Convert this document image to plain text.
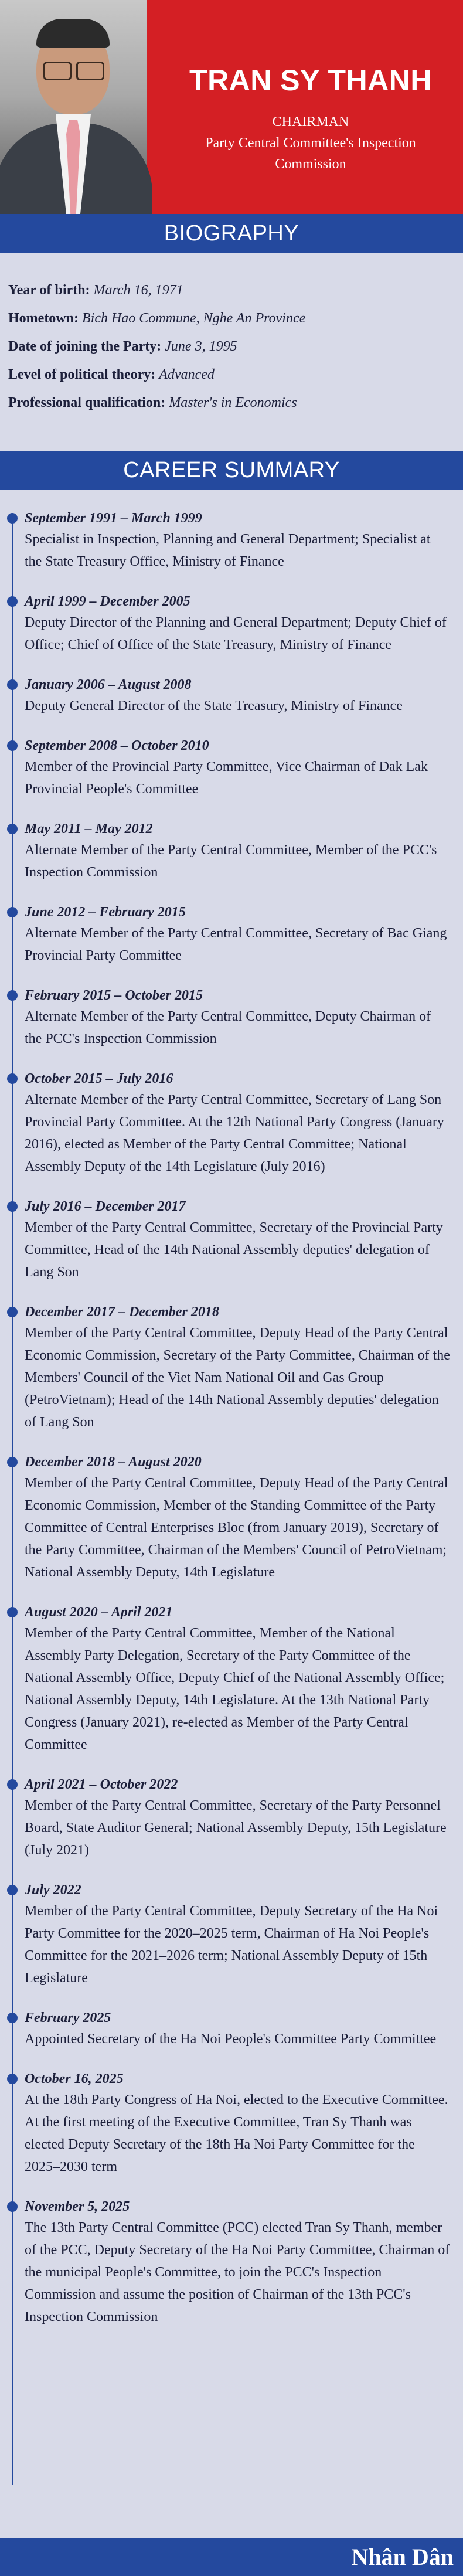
TRAN SY THANH
CHAIRMAN
Party Central Committee's Inspection
Commission
BIOGRAPHY
Year of birth: March 16, 1971
Hometown: Bich Hao Commune, Nghe An Province
Date of joining the Party: June 3, 1995
Level of political theory: Advanced
Professional qualification: Master's in Economics
CAREER SUMMARY
September 1991 – March 1999
Specialist in Inspection, Planning and General Department; Specialist at the State Treasury Office, Ministry of Finance
April 1999 – December 2005
Deputy Director of the Planning and General Department; Deputy Chief of Office; Chief of Office of the State Treasury, Ministry of Finance
January 2006 – August 2008
Deputy General Director of the State Treasury, Ministry of Finance
September 2008 – October 2010
Member of the Provincial Party Committee, Vice Chairman of Dak Lak Provincial People's Committee
May 2011 – May 2012
Alternate Member of the Party Central Committee, Member of the PCC's Inspection Commission
June 2012 – February 2015
Alternate Member of the Party Central Committee, Secretary of Bac Giang Provincial Party Committee
February 2015 – October 2015
Alternate Member of the Party Central Committee, Deputy Chairman of the PCC's Inspection Commission
October 2015 – July 2016
Alternate Member of the Party Central Committee, Secretary of Lang Son Provincial Party Committee. At the 12th National Party Congress (January 2016), elected as Member of the Party Central Committee; National Assembly Deputy of the 14th Legislature (July 2016)
July 2016 – December 2017
Member of the Party Central Committee, Secretary of the Provincial Party Committee, Head of the 14th National Assembly deputies' delegation of Lang Son
December 2017 – December 2018
Member of the Party Central Committee, Deputy Head of the Party Central Economic Commission, Secretary of the Party Committee, Chairman of the Members' Council of the Viet Nam National Oil and Gas Group (PetroVietnam); Head of the 14th National Assembly deputies' delegation of Lang Son
December 2018 – August 2020
Member of the Party Central Committee, Deputy Head of the Party Central Economic Commission, Member of the Standing Committee of the Party Committee of Central Enterprises Bloc (from January 2019), Secretary of the Party Committee, Chairman of the Members' Council of PetroVietnam; National Assembly Deputy, 14th Legislature
August 2020 – April 2021
Member of the Party Central Committee, Member of the National Assembly Party Delegation, Secretary of the Party Committee of the National Assembly Office, Deputy Chief of the National Assembly Office; National Assembly Deputy, 14th Legislature. At the 13th National Party Congress (January 2021), re-elected as Member of the Party Central Committee
April 2021 – October 2022
Member of the Party Central Committee, Secretary of the Party Personnel Board, State Auditor General; National Assembly Deputy, 15th Legislature (July 2021)
July 2022
Member of the Party Central Committee, Deputy Secretary of the Ha Noi Party Committee for the 2020–2025 term, Chairman of Ha Noi People's Committee for the 2021–2026 term; National Assembly Deputy of 15th Legislature
February 2025
Appointed Secretary of the Ha Noi People's Committee Party Committee
October 16, 2025
At the 18th Party Congress of Ha Noi, elected to the Executive Committee. At the first meeting of the Executive Committee, Tran Sy Thanh was elected Deputy Secretary of the 18th Ha Noi Party Committee for the 2025–2030 term
November 5, 2025
The 13th Party Central Committee (PCC) elected Tran Sy Thanh, member of the PCC, Deputy Secretary of the Ha Noi Party Committee, Chairman of the municipal People's Committee, to join the PCC's Inspection Commission and assume the position of Chairman of the 13th PCC's Inspection Commission
Nhân Dân
